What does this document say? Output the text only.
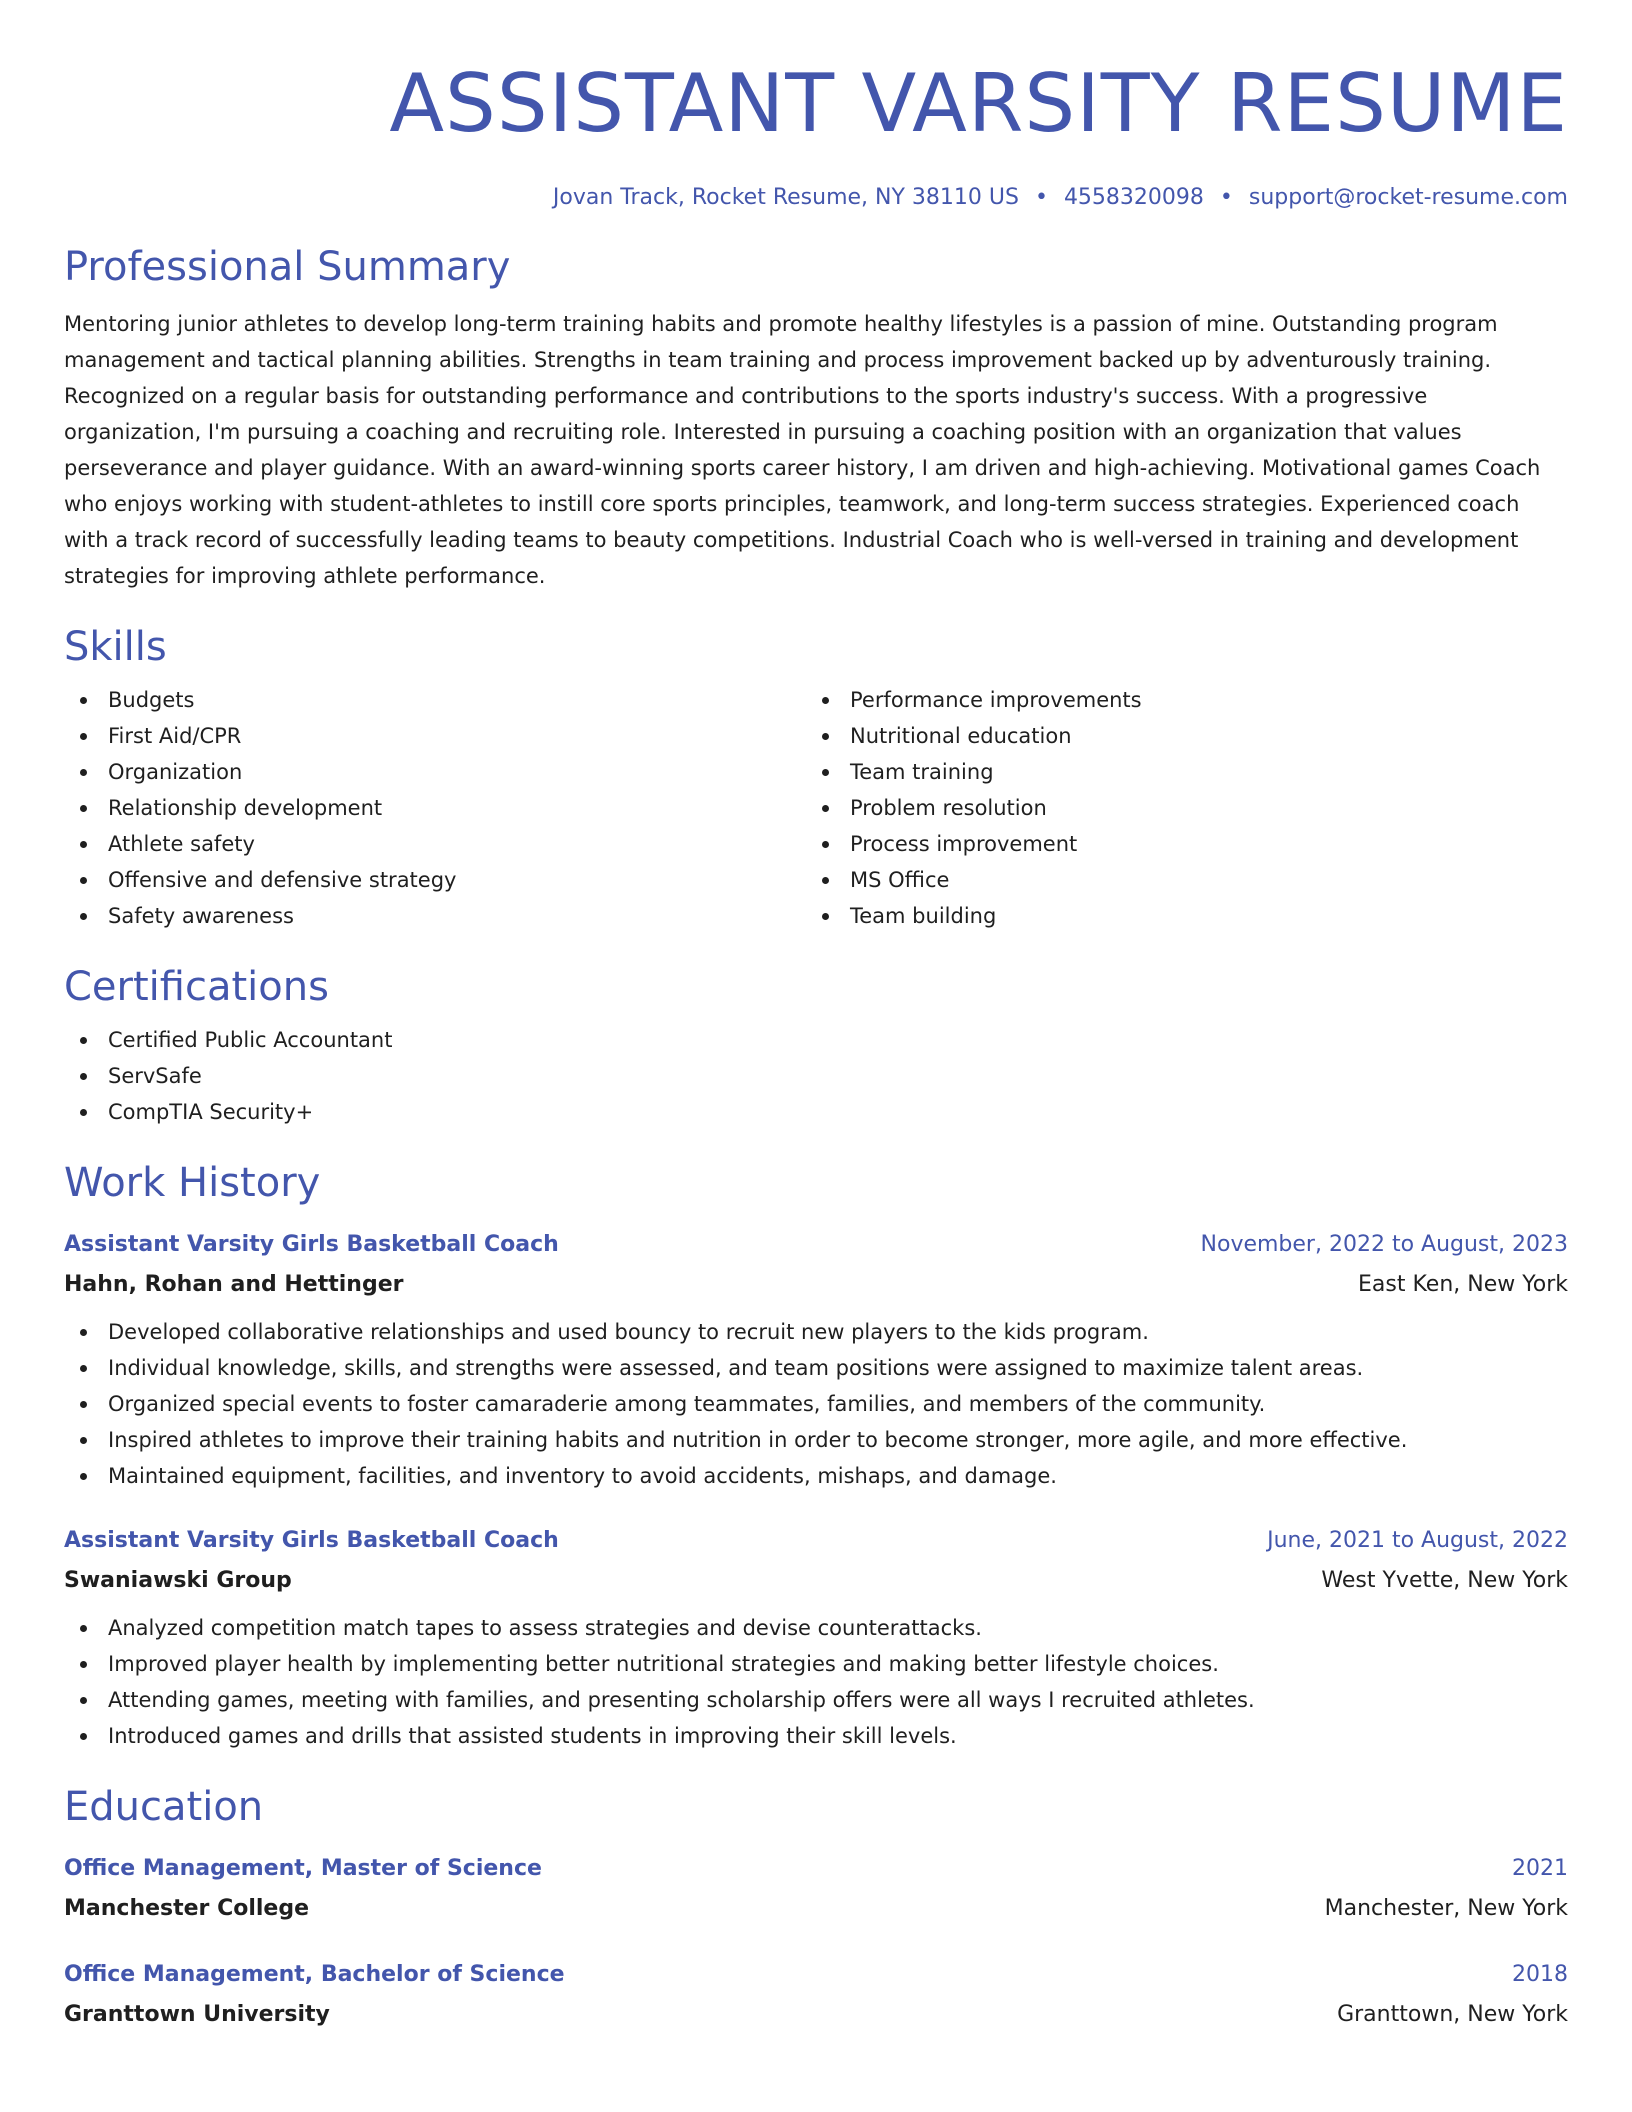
ASSISTANT VARSITY RESUME
Jovan Track, Rocket Resume, NY 38110 US • 4558320098 • support@rocket-resume.com
Professional Summary

Mentoring junior athletes to develop long-term training habits and promote healthy lifestyles is a passion of mine. Outstanding program management and tactical planning abilities. Strengths in team training and process improvement backed up by adventurously training. Recognized on a regular basis for outstanding performance and contributions to the sports industry's success. With a progressive organization, I'm pursuing a coaching and recruiting role. Interested in pursuing a coaching position with an organization that values perseverance and player guidance. With an award-winning sports career history, I am driven and high-achieving. Motivational games Coach who enjoys working with student-athletes to instill core sports principles, teamwork, and long-term success strategies. Experienced coach with a track record of successfully leading teams to beauty competitions. Industrial Coach who is well-versed in training and development strategies for improving athlete performance.

Skills
Budgets
First Aid/CPR
Organization
Relationship development
Athlete safety
Offensive and defensive strategy
Safety awareness
Performance improvements
Nutritional education
Team training
Problem resolution
Process improvement
MS Office
Team building
Certifications
Certified Public Accountant
ServSafe
CompTIA Security+
Work History
Assistant Varsity Girls Basketball Coach	November, 2022 to August, 2023
Hahn, Rohan and Hettinger	East Ken, New York
Developed collaborative relationships and used bouncy to recruit new players to the kids program.
Individual knowledge, skills, and strengths were assessed, and team positions were assigned to maximize talent areas.
Organized special events to foster camaraderie among teammates, families, and members of the community.
Inspired athletes to improve their training habits and nutrition in order to become stronger, more agile, and more effective.
Maintained equipment, facilities, and inventory to avoid accidents, mishaps, and damage.
Assistant Varsity Girls Basketball Coach	June, 2021 to August, 2022
Swaniawski Group	West Yvette, New York
Analyzed competition match tapes to assess strategies and devise counterattacks.
Improved player health by implementing better nutritional strategies and making better lifestyle choices.
Attending games, meeting with families, and presenting scholarship offers were all ways I recruited athletes.
Introduced games and drills that assisted students in improving their skill levels.
Education
Office Management, Master of Science	2021
Manchester College	Manchester, New York
Office Management, Bachelor of Science	2018
Granttown University	Granttown, New York
